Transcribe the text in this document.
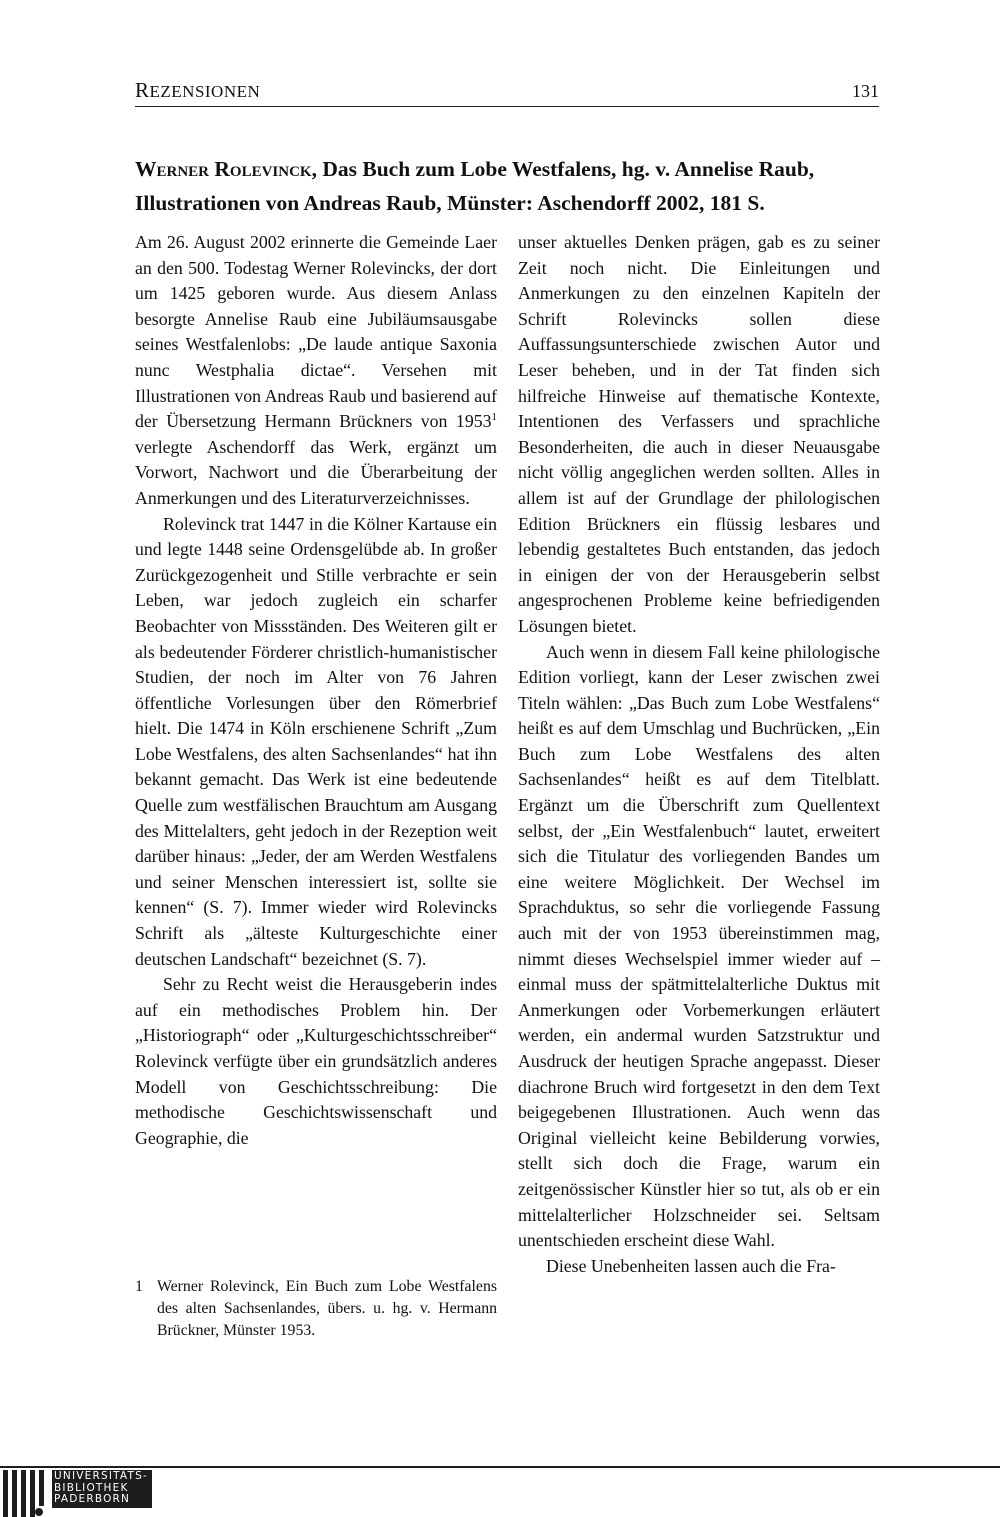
REZENSIONEN	131
Werner Rolevinck, Das Buch zum Lobe Westfalens, hg. v. Annelise Raub, Illustrationen von Andreas Raub, Münster: Aschendorff 2002, 181 S.

Am 26. August 2002 erinnerte die Gemeinde Laer an den 500. Todestag Werner Rolevincks, der dort um 1425 geboren wurde. Aus diesem Anlass besorgte Annelise Raub eine Jubiläumsausgabe seines Westfalenlobs: „De laude antique Saxonia nunc Westphalia dictae“. Versehen mit Illustrationen von Andreas Raub und basierend auf der Übersetzung Hermann Brückners von 1953$^1$ verlegte Aschendorff das Werk, ergänzt um Vorwort, Nachwort und die Überarbeitung der Anmerkungen und des Literaturverzeichnisses.

Rolevinck trat 1447 in die Kölner Kartause ein und legte 1448 seine Ordensgelübde ab. In großer Zurückgezogenheit und Stille verbrachte er sein Leben, war jedoch zugleich ein scharfer Beobachter von Missständen. Des Weiteren gilt er als bedeutender Förderer christlich-humanistischer Studien, der noch im Alter von 76 Jahren öffentliche Vorlesungen über den Römerbrief hielt. Die 1474 in Köln erschienene Schrift „Zum Lobe Westfalens, des alten Sachsenlandes“ hat ihn bekannt gemacht. Das Werk ist eine bedeutende Quelle zum westfälischen Brauchtum am Ausgang des Mittelalters, geht jedoch in der Rezeption weit darüber hinaus: „Jeder, der am Werden Westfalens und seiner Menschen interessiert ist, sollte sie kennen“ (S. 7). Immer wieder wird Rolevincks Schrift als „älteste Kulturgeschichte einer deutschen Landschaft“ bezeichnet (S. 7).

Sehr zu Recht weist die Herausgeberin indes auf ein methodisches Problem hin. Der „Historiograph“ oder „Kulturgeschichtsschreiber“ Rolevinck verfügte über ein grundsätzlich anderes Modell von Geschichtsschreibung: Die methodische Geschichtswissenschaft und Geographie, die

unser aktuelles Denken prägen, gab es zu seiner Zeit noch nicht. Die Einleitungen und Anmerkungen zu den einzelnen Kapiteln der Schrift Rolevincks sollen diese Auffassungsunterschiede zwischen Autor und Leser beheben, und in der Tat finden sich hilfreiche Hinweise auf thematische Kontexte, Intentionen des Verfassers und sprachliche Besonderheiten, die auch in dieser Neuausgabe nicht völlig angeglichen werden sollten. Alles in allem ist auf der Grundlage der philologischen Edition Brückners ein flüssig lesbares und lebendig gestaltetes Buch entstanden, das jedoch in einigen der von der Herausgeberin selbst angesprochenen Probleme keine befriedigenden Lösungen bietet.

Auch wenn in diesem Fall keine philologische Edition vorliegt, kann der Leser zwischen zwei Titeln wählen: „Das Buch zum Lobe Westfalens“ heißt es auf dem Umschlag und Buchrücken, „Ein Buch zum Lobe Westfalens des alten Sachsenlandes“ heißt es auf dem Titelblatt. Ergänzt um die Überschrift zum Quellentext selbst, der „Ein Westfalenbuch“ lautet, erweitert sich die Titulatur des vorliegenden Bandes um eine weitere Möglichkeit. Der Wechsel im Sprachduktus, so sehr die vorliegende Fassung auch mit der von 1953 übereinstimmen mag, nimmt dieses Wechselspiel immer wieder auf – einmal muss der spätmittelalterliche Duktus mit Anmerkungen oder Vorbemerkungen erläutert werden, ein andermal wurden Satzstruktur und Ausdruck der heutigen Sprache angepasst. Dieser diachrone Bruch wird fortgesetzt in den dem Text beigegebenen Illustrationen. Auch wenn das Original vielleicht keine Bebilderung vorwies, stellt sich doch die Frage, warum ein zeitgenössischer Künstler hier so tut, als ob er ein mittelalterlicher Holzschneider sei. Seltsam unentschieden erscheint diese Wahl.

Diese Unebenheiten lassen auch die Fra-

1 Werner Rolevinck, Ein Buch zum Lobe Westfalens des alten Sachsenlandes, übers. u. hg. v. Hermann Brückner, Münster 1953.

UNIVERSITÄTS-
BIBLIOTHEK
PADERBORN
